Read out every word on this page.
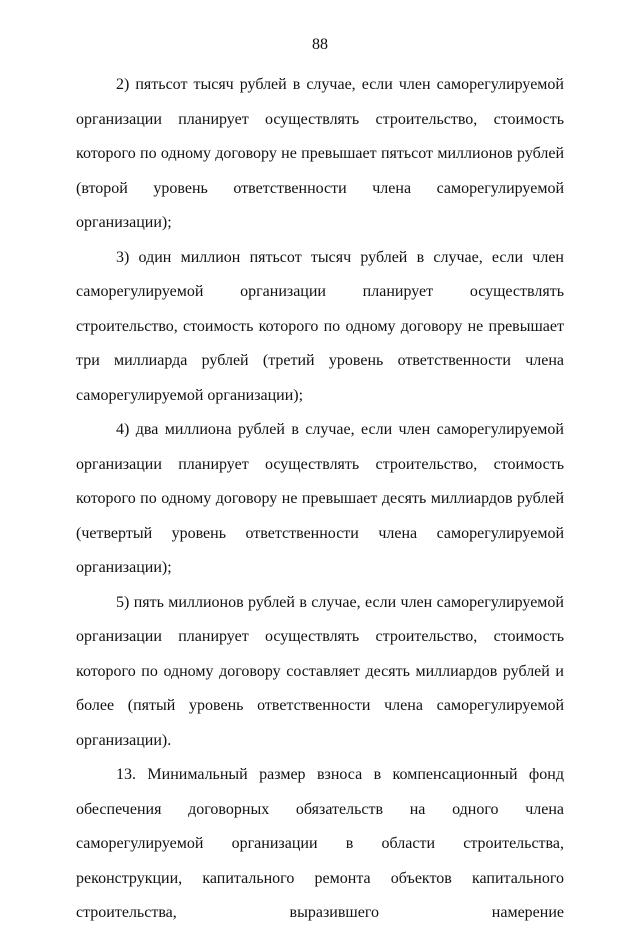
88

2) пятьсот тысяч рублей в случае, если член саморегулируемой организации планирует осуществлять строительство, стоимость которого по одному договору не превышает пятьсот миллионов рублей (второй уровень ответственности члена саморегулируемой организации);

3) один миллион пятьсот тысяч рублей в случае, если член саморегулируемой организации планирует осуществлять строительство, стоимость которого по одному договору не превышает три миллиарда рублей (третий уровень ответственности члена саморегулируемой организации);

4) два миллиона рублей в случае, если член саморегулируемой организации планирует осуществлять строительство, стоимость которого по одному договору не превышает десять миллиардов рублей (четвертый уровень ответственности члена саморегулируемой организации);

5) пять миллионов рублей в случае, если член саморегулируемой организации планирует осуществлять строительство, стоимость которого по одному договору составляет десять миллиардов рублей и более (пятый уровень ответственности члена саморегулируемой организации).

13. Минимальный размер взноса в компенсационный фонд обеспечения договорных обязательств на одного члена саморегулируемой организации в области строительства, реконструкции, капитального ремонта объектов капитального строительства, выразившего намерение
